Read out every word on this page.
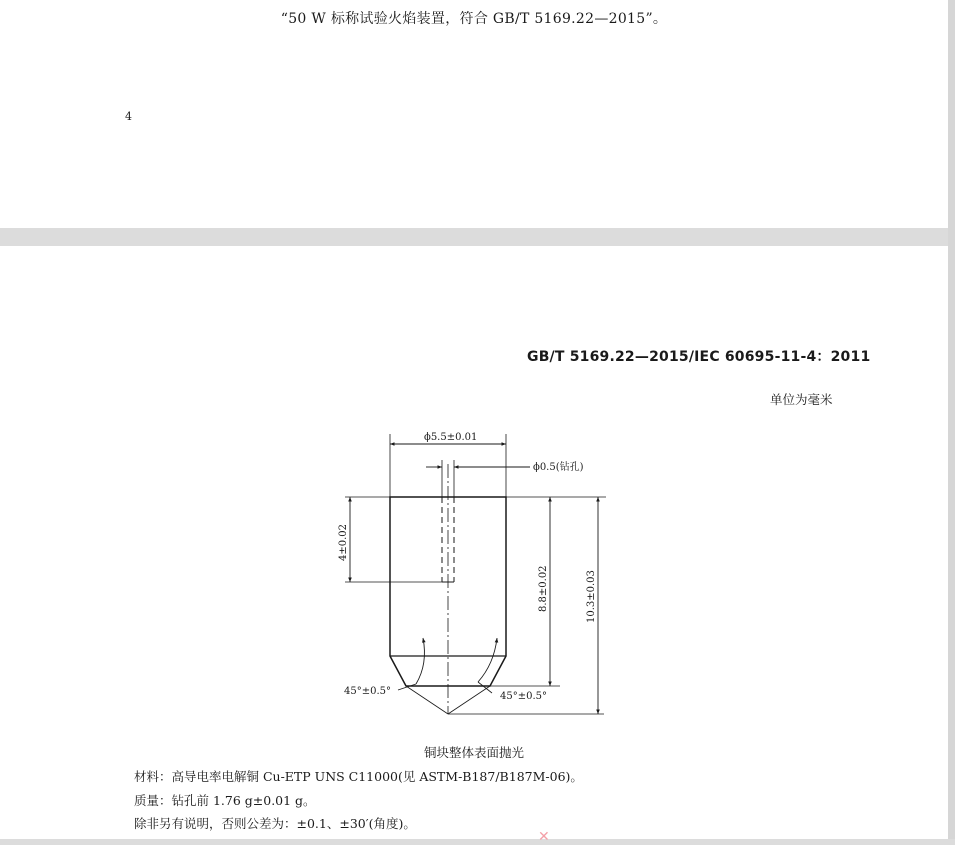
“50 W 标称试验火焰装置，符合 GB/T 5169.22—2015”。
4
GB/T 5169.22—2015/IEC 60695-11-4：2011
单位为毫米
ϕ5.5±0.01
ϕ0.5(钻孔)
4±0.02
8.8±0.02	10.3±0.03
45°±0.5°	45°±0.5°
铜块整体表面抛光
材料：高导电率电解铜 Cu-ETP UNS C11000(见 ASTM-B187/B187M-06)。
质量：钻孔前 1.76 g±0.01 g。
除非另有说明，否则公差为：±0.1、±30′(角度)。
✕
